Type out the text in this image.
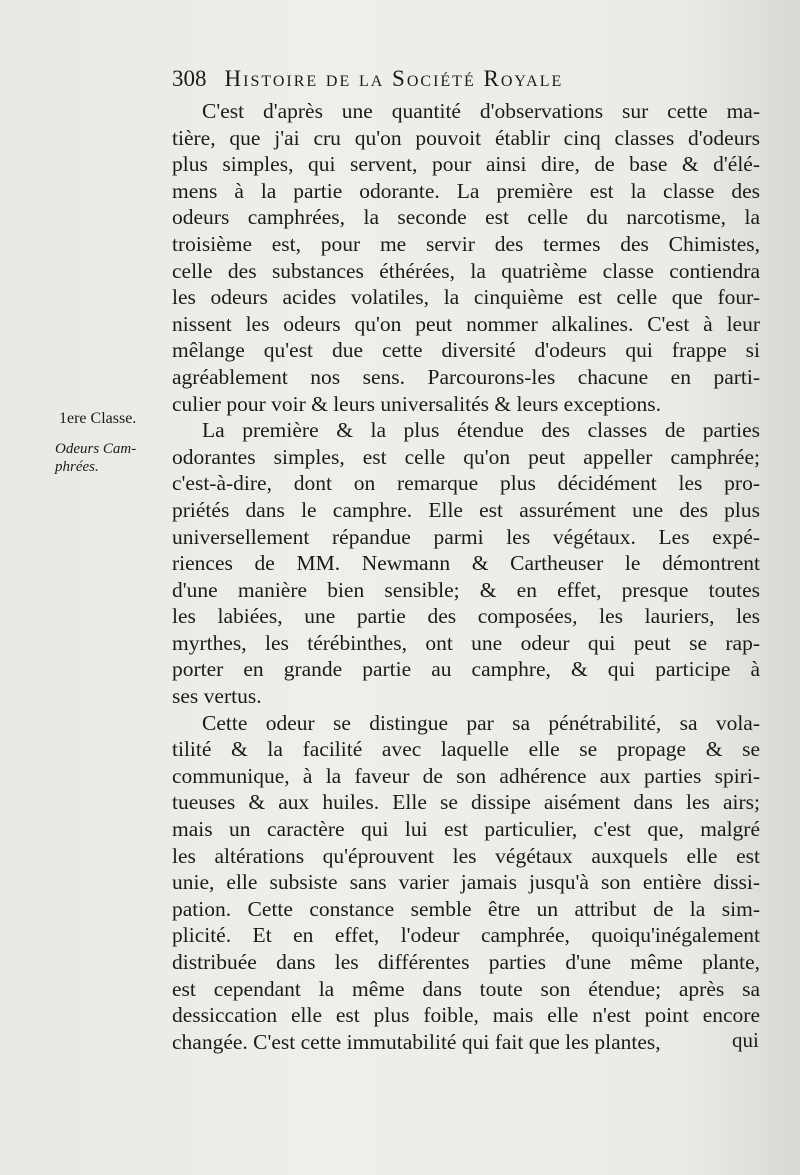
308 Histoire de la Société Royale
1ere Classe.
Odeurs Cam-
phrées.
C'est d'après une quantité d'observations sur cette ma-
tière, que j'ai cru qu'on pouvoit établir cinq classes d'odeurs
plus simples, qui servent, pour ainsi dire, de base & d'élé-
mens à la partie odorante. La première est la classe des
odeurs camphrées, la seconde est celle du narcotisme, la
troisième est, pour me servir des termes des Chimistes,
celle des substances éthérées, la quatrième classe contiendra
les odeurs acides volatiles, la cinquième est celle que four-
nissent les odeurs qu'on peut nommer alkalines. C'est à leur
mêlange qu'est due cette diversité d'odeurs qui frappe si
agréablement nos sens. Parcourons-les chacune en parti-
culier pour voir & leurs universalités & leurs exceptions.
La première & la plus étendue des classes de parties
odorantes simples, est celle qu'on peut appeller camphrée;
c'est-à-dire, dont on remarque plus décidément les pro-
priétés dans le camphre. Elle est assurément une des plus
universellement répandue parmi les végétaux. Les expé-
riences de MM. Newmann & Cartheuser le démontrent
d'une manière bien sensible; & en effet, presque toutes
les labiées, une partie des composées, les lauriers, les
myrthes, les térébinthes, ont une odeur qui peut se rap-
porter en grande partie au camphre, & qui participe à
ses vertus.
Cette odeur se distingue par sa pénétrabilité, sa vola-
tilité & la facilité avec laquelle elle se propage & se
communique, à la faveur de son adhérence aux parties spiri-
tueuses & aux huiles. Elle se dissipe aisément dans les airs;
mais un caractère qui lui est particulier, c'est que, malgré
les altérations qu'éprouvent les végétaux auxquels elle est
unie, elle subsiste sans varier jamais jusqu'à son entière dissi-
pation. Cette constance semble être un attribut de la sim-
plicité. Et en effet, l'odeur camphrée, quoiqu'inégalement
distribuée dans les différentes parties d'une même plante,
est cependant la même dans toute son étendue; après sa
dessiccation elle est plus foible, mais elle n'est point encore
changée. C'est cette immutabilité qui fait que les plantes,	qui
